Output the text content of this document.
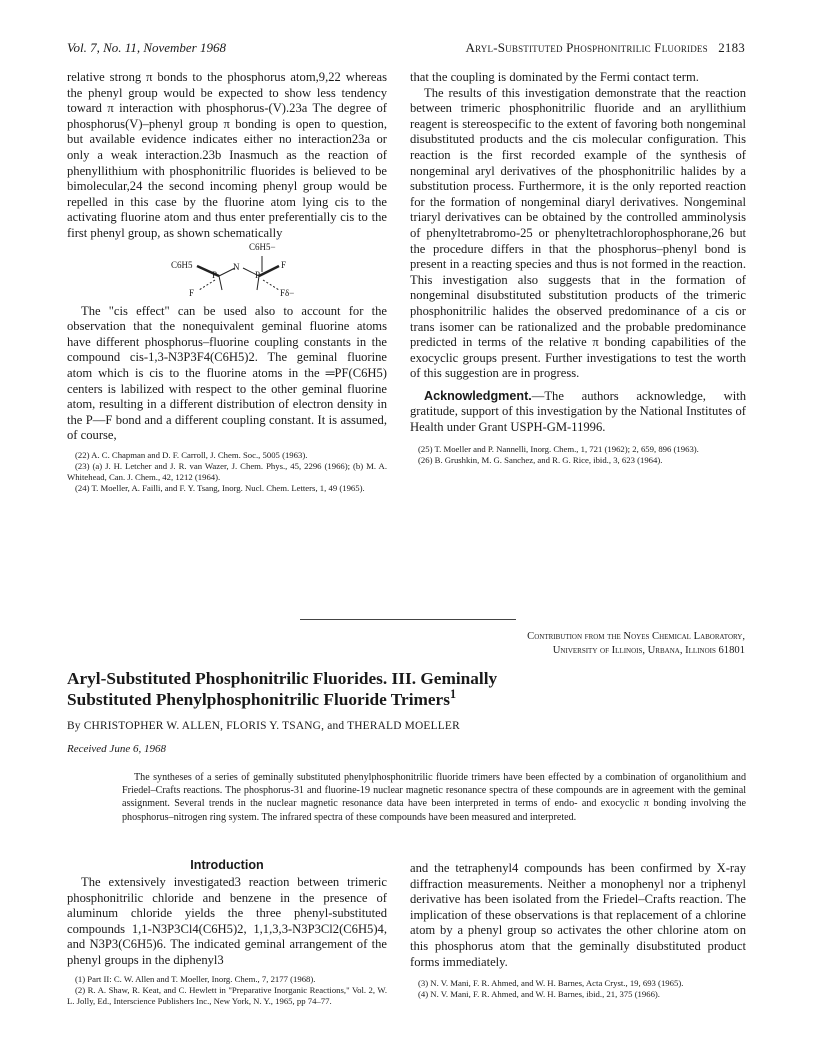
Vol. 7, No. 11, November 1968	Aryl-Substituted Phosphonitrilic Fluorides 2183

relative strong π bonds to the phosphorus atom,9,22 whereas the phenyl group would be expected to show less tendency toward π interaction with phosphorus-(V).23a The degree of phosphorus(V)–phenyl group π bonding is open to question, but available evidence indicates either no interaction23a or only a weak interaction.23b Inasmuch as the reaction of phenyllithium with phosphonitrilic fluorides is believed to be bimolecular,24 the second incoming phenyl group would be repelled in this case by the fluorine atom lying cis to the activating fluorine atom and thus enter preferentially cis to the first phenyl group, as shown schematically

C6H5−
C6H5
P
N
P
F
F	Fδ−

The "cis effect" can be used also to account for the observation that the nonequivalent geminal fluorine atoms have different phosphorus–fluorine coupling constants in the compound cis-1,3-N3P3F4(C6H5)2. The geminal fluorine atom which is cis to the fluorine atoms in the ═PF(C6H5) centers is labilized with respect to the other geminal fluorine atom, resulting in a different distribution of electron density in the P—F bond and a different coupling constant. It is assumed, of course,

(22) A. C. Chapman and D. F. Carroll, J. Chem. Soc., 5005 (1963).

(23) (a) J. H. Letcher and J. R. van Wazer, J. Chem. Phys., 45, 2296 (1966); (b) M. A. Whitehead, Can. J. Chem., 42, 1212 (1964).

(24) T. Moeller, A. Failli, and F. Y. Tsang, Inorg. Nucl. Chem. Letters, 1, 49 (1965).

that the coupling is dominated by the Fermi contact term.

The results of this investigation demonstrate that the reaction between trimeric phosphonitrilic fluoride and an aryllithium reagent is stereospecific to the extent of favoring both nongeminal disubstituted products and the cis molecular configuration. This reaction is the first recorded example of the synthesis of nongeminal aryl derivatives of the phosphonitrilic halides by a substitution process. Furthermore, it is the only reported reaction for the formation of nongeminal diaryl derivatives. Nongeminal triaryl derivatives can be obtained by the controlled amminolysis of phenyltetrabromo-25 or phenyltetrachlorophosphorane,26 but the procedure differs in that the phosphorus–phenyl bond is present in a reacting species and thus is not formed in the reaction. This investigation also suggests that in the formation of nongeminal disubstituted substitution products of the trimeric phosphonitrilic halides the observed predominance of a cis or trans isomer can be rationalized and the probable predominance predicted in terms of the relative π bonding capabilities of the exocyclic groups present. Further investigations to test the worth of this suggestion are in progress.

Acknowledgment.—The authors acknowledge, with gratitude, support of this investigation by the National Institutes of Health under Grant USPH-GM-11996.

(25) T. Moeller and P. Nannelli, Inorg. Chem., 1, 721 (1962); 2, 659, 896 (1963).

(26) B. Grushkin, M. G. Sanchez, and R. G. Rice, ibid., 3, 623 (1964).

Contribution from the Noyes Chemical Laboratory,
University of Illinois, Urbana, Illinois 61801
Aryl-Substituted Phosphonitrilic Fluorides. III. Geminally
Substituted Phenylphosphonitrilic Fluoride Trimers$^1$
By CHRISTOPHER W. ALLEN, FLORIS Y. TSANG, and THERALD MOELLER
Received June 6, 1968

The syntheses of a series of geminally substituted phenylphosphonitrilic fluoride trimers have been effected by a combination of organolithium and Friedel–Crafts reactions. The phosphorus-31 and fluorine-19 nuclear magnetic resonance spectra of these compounds are in agreement with the geminal assignment. Several trends in the nuclear magnetic resonance data have been interpreted in terms of endo- and exocyclic π bonding involving the phosphorus–nitrogen ring system. The infrared spectra of these compounds have been measured and interpreted.

Introduction

The extensively investigated3 reaction between trimeric phosphonitrilic chloride and benzene in the presence of aluminum chloride yields the three phenyl-substituted compounds 1,1-N3P3Cl4(C6H5)2, 1,1,3,3-N3P3Cl2(C6H5)4, and N3P3(C6H5)6. The indicated geminal arrangement of the phenyl groups in the diphenyl3

(1) Part II: C. W. Allen and T. Moeller, Inorg. Chem., 7, 2177 (1968).

(2) R. A. Shaw, R. Keat, and C. Hewlett in "Preparative Inorganic Reactions," Vol. 2, W. L. Jolly, Ed., Interscience Publishers Inc., New York, N. Y., 1965, pp 74–77.

and the tetraphenyl4 compounds has been confirmed by X-ray diffraction measurements. Neither a monophenyl nor a triphenyl derivative has been isolated from the Friedel–Crafts reaction. The implication of these observations is that replacement of a chlorine atom by a phenyl group so activates the other chlorine atom on this phosphorus atom that the geminally disubstituted product forms immediately.

(3) N. V. Mani, F. R. Ahmed, and W. H. Barnes, Acta Cryst., 19, 693 (1965).

(4) N. V. Mani, F. R. Ahmed, and W. H. Barnes, ibid., 21, 375 (1966).
